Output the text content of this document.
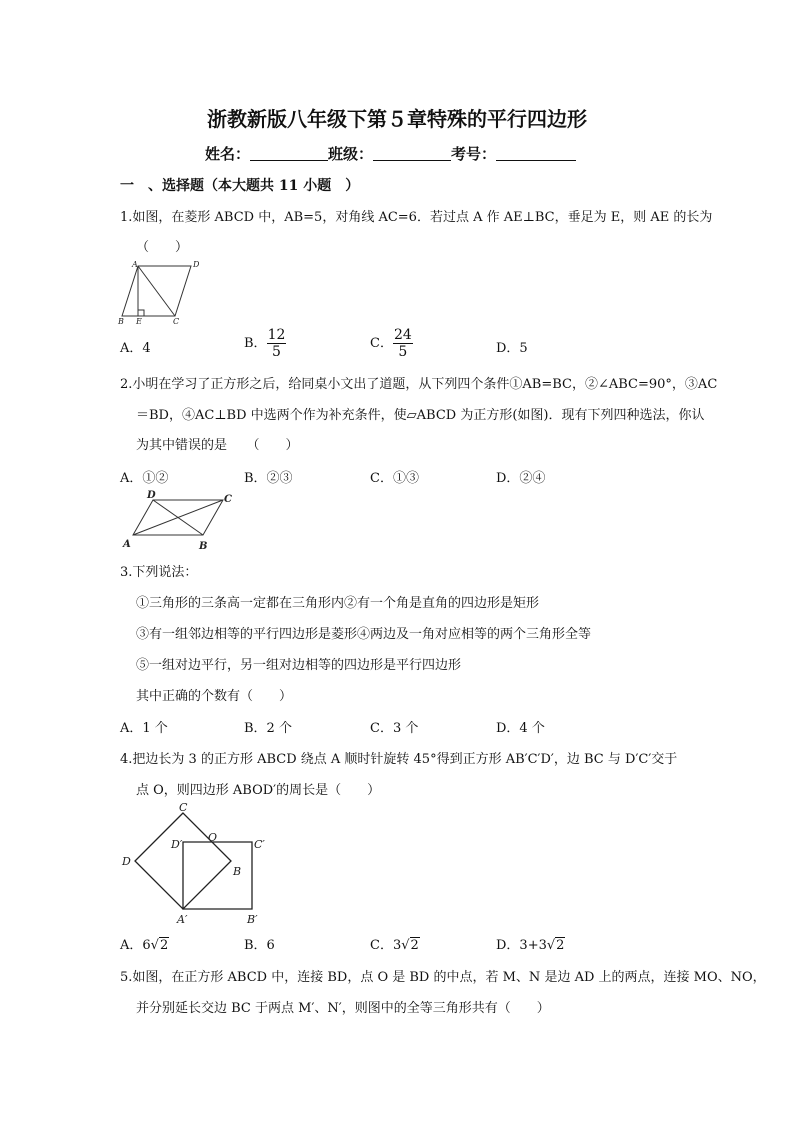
浙教新版八年级下第５章特殊的平行四边形
姓名：	班级：	考号：
一　、选择题（本大题共 11 小题　）
1.如图，在菱形 ABCD 中，AB=5，对角线 AC=6．若过点 A 作 AE⊥BC，垂足为 E，则 AE 的长为
（　　）
A	D
B E	C
A．4	B． $\frac{12}{5}$	C． $\frac{24}{5}$	D．5
2.小明在学习了正方形之后，给同桌小文出了道题，从下列四个条件①AB=BC，②∠ABC=90°，③AC
＝BD，④AC⊥BD 中选两个作为补充条件，使▱ABCD 为正方形(如图)．现有下列四种选法，你认
为其中错误的是　　（　　）
A．①②	B．②③	C．①③	D．②④
D	C
A	B
3.下列说法：
①三角形的三条高一定都在三角形内②有一个角是直角的四边形是矩形
③有一组邻边相等的平行四边形是菱形④两边及一角对应相等的两个三角形全等
⑤一组对边平行，另一组对边相等的四边形是平行四边形
其中正确的个数有（　　）
A．1 个	B．2 个	C．3 个	D．4 个
4.把边长为 3 的正方形 ABCD 绕点 A 顺时针旋转 45°得到正方形 AB′C′D′，边 BC 与 D′C′交于
点 O，则四边形 ABOD′的周长是（　　）
C
D′
O
C′
D
B
A′	B′
A．6√2	B．6	C．3√2	D．3+3√2
5.如图，在正方形 ABCD 中，连接 BD，点 O 是 BD 的中点，若 M、N 是边 AD 上的两点，连接 MO、NO，
并分别延长交边 BC 于两点 M′、N′，则图中的全等三角形共有（　　）
